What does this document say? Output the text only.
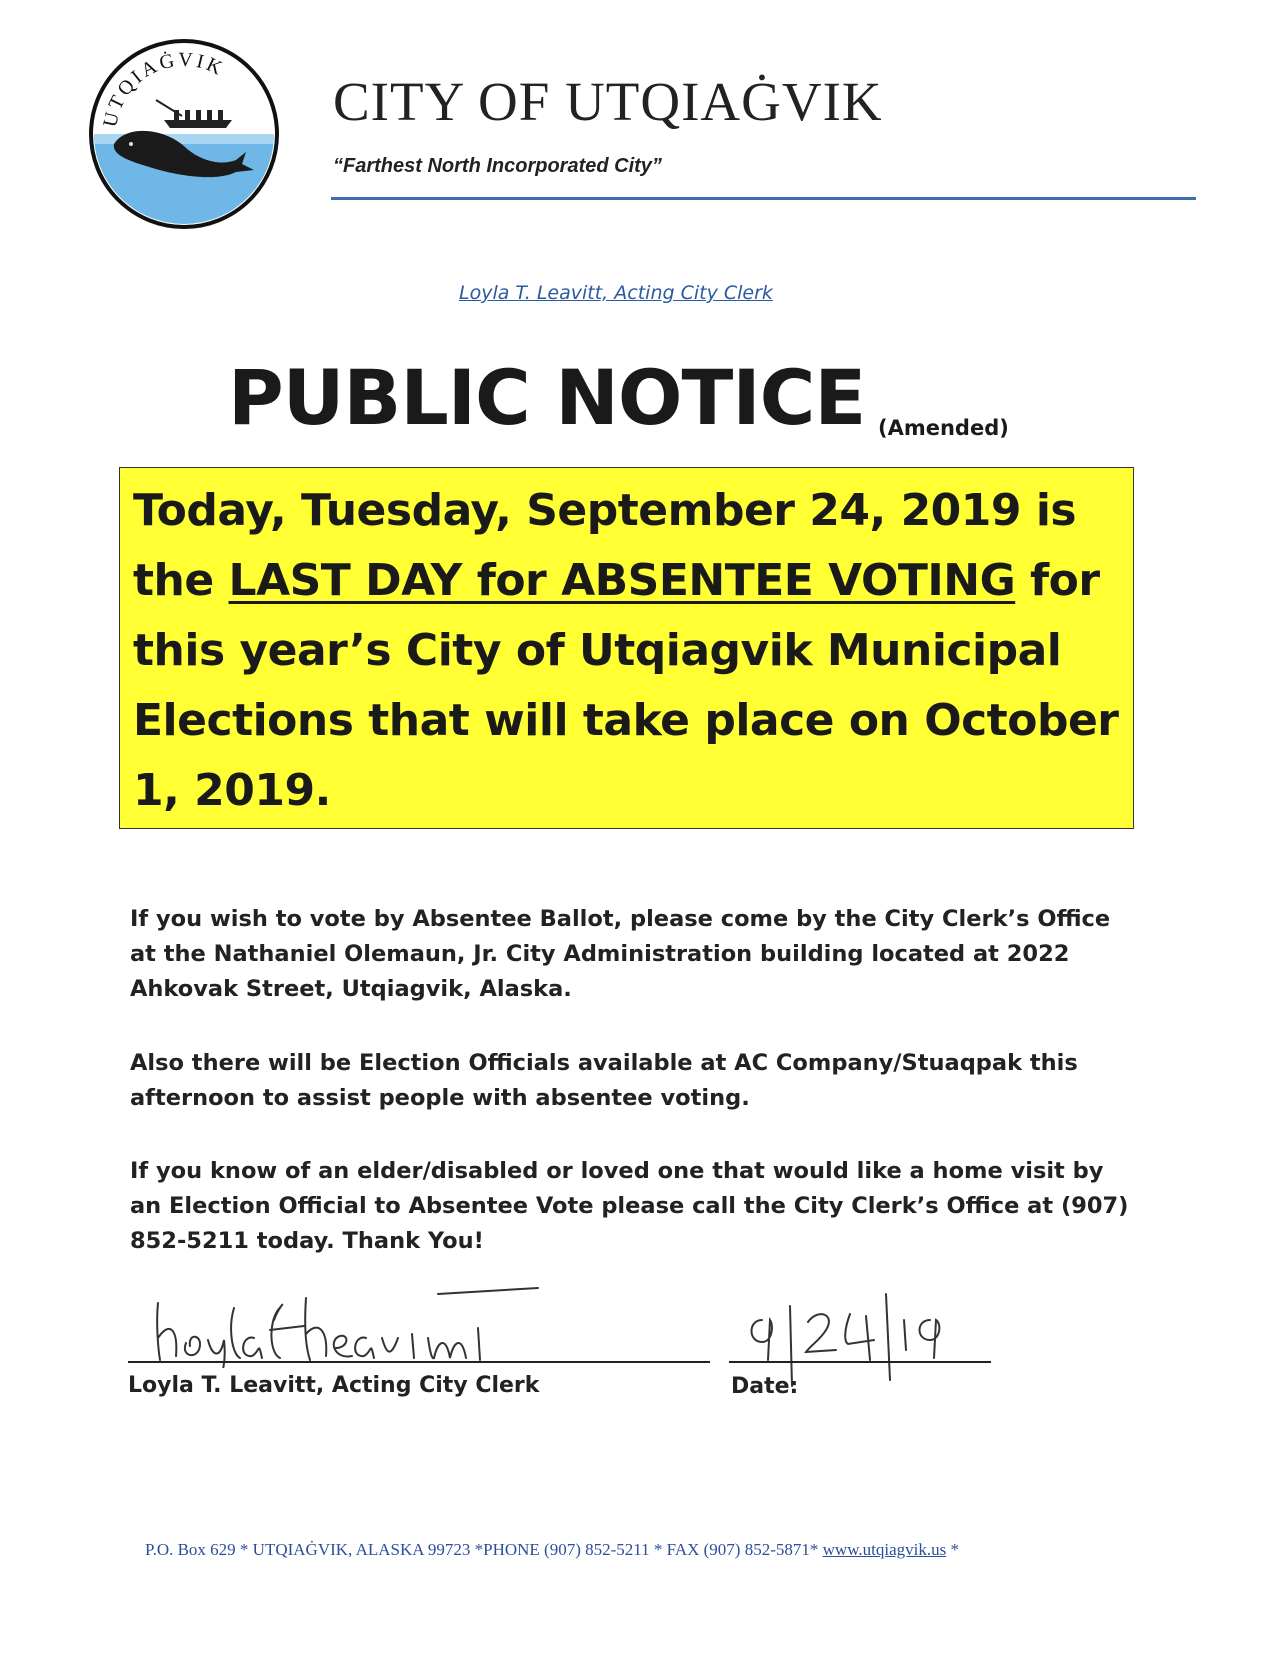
UTQIAĠVIK
CITY OF UTQIAĠVIK
“Farthest North Incorporated City”
Loyla T. Leavitt, Acting City Clerk
PUBLIC NOTICE (Amended)
Today, Tuesday, September 24, 2019 is the LAST DAY for ABSENTEE VOTING for this year’s City of Utqiagvik Municipal Elections that will take place on October 1, 2019.
If you wish to vote by Absentee Ballot, please come by the City Clerk’s Office at the Nathaniel Olemaun, Jr. City Administration building located at 2022 Ahkovak Street, Utqiagvik, Alaska.
Also there will be Election Officials available at AC Company/Stuaqpak this afternoon to assist people with absentee voting.
If you know of an elder/disabled or loved one that would like a home visit by an Election Official to Absentee Vote please call the City Clerk’s Office at (907) 852-5211 today. Thank You!
Loyla T. Leavitt, Acting City Clerk	Date:
P.O. Box 629 * UTQIAĠVIK, ALASKA 99723 *PHONE (907) 852-5211 * FAX (907) 852-5871* www.utqiagvik.us *
